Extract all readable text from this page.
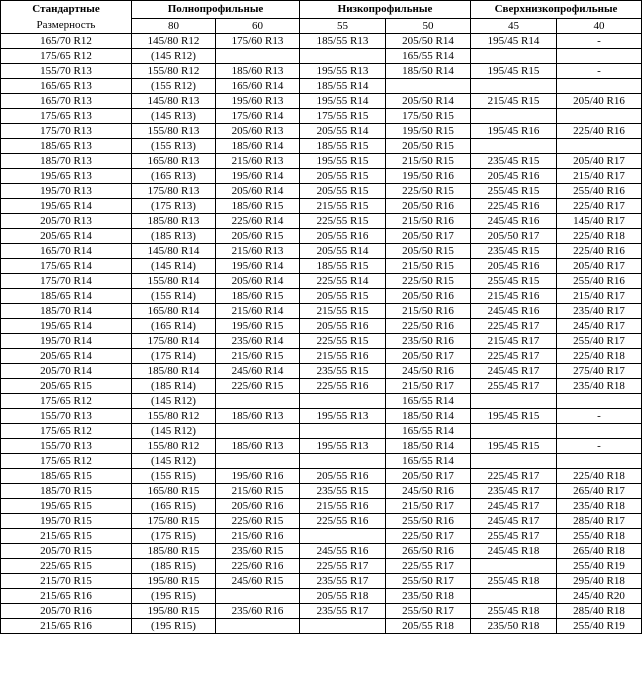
Стандартные
Размерность	Полнопрофильные		Низкопрофильные		Сверхнизкопрофильные	
	80	60	55	50	45	40
165/70 R12	145/80 R12	175/60 R13	185/55 R13	205/50 R14	195/45 R14	-
175/65 R12	(145 R12)			165/55 R14		
155/70 R13	155/80 R12	185/60 R13	195/55 R13	185/50 R14	195/45 R15	-
165/65 R13	(155 R12)	165/60 R14	185/55 R14			
165/70 R13	145/80 R13	195/60 R13	195/55 R14	205/50 R14	215/45 R15	205/40 R16
175/65 R13	(145 R13)	175/60 R14	175/55 R15	175/50 R15		
175/70 R13	155/80 R13	205/60 R13	205/55 R14	195/50 R15	195/45 R16	225/40 R16
185/65 R13	(155 R13)	185/60 R14	185/55 R15	205/50 R15		
185/70 R13	165/80 R13	215/60 R13	195/55 R15	215/50 R15	235/45 R15	205/40 R17
195/65 R13	(165 R13)	195/60 R14	205/55 R15	195/50 R16	205/45 R16	215/40 R17
195/70 R13	175/80 R13	205/60 R14	205/55 R15	225/50 R15	255/45 R15	255/40 R16
195/65 R14	(175 R13)	185/60 R15	215/55 R15	205/50 R16	225/45 R16	225/40 R17
205/70 R13	185/80 R13	225/60 R14	225/55 R15	215/50 R16	245/45 R16	145/40 R17
205/65 R14	(185 R13)	205/60 R15	205/55 R16	205/50 R17	205/50 R17	225/40 R18
165/70 R14	145/80 R14	215/60 R13	205/55 R14	205/50 R15	235/45 R15	225/40 R16
175/65 R14	(145 R14)	195/60 R14	185/55 R15	215/50 R15	205/45 R16	205/40 R17
175/70 R14	155/80 R14	205/60 R14	225/55 R14	225/50 R15	255/45 R15	255/40 R16
185/65 R14	(155 R14)	185/60 R15	205/55 R15	205/50 R16	215/45 R16	215/40 R17
185/70 R14	165/80 R14	215/60 R14	215/55 R15	215/50 R16	245/45 R16	235/40 R17
195/65 R14	(165 R14)	195/60 R15	205/55 R16	225/50 R16	225/45 R17	245/40 R17
195/70 R14	175/80 R14	235/60 R14	225/55 R15	235/50 R16	215/45 R17	255/40 R17
205/65 R14	(175 R14)	215/60 R15	215/55 R16	205/50 R17	225/45 R17	225/40 R18
205/70 R14	185/80 R14	245/60 R14	235/55 R15	245/50 R16	245/45 R17	275/40 R17
205/65 R15	(185 R14)	225/60 R15	225/55 R16	215/50 R17	255/45 R17	235/40 R18
175/65 R12	(145 R12)			165/55 R14		
155/70 R13	155/80 R12	185/60 R13	195/55 R13	185/50 R14	195/45 R15	-
175/65 R12	(145 R12)			165/55 R14		
155/70 R13	155/80 R12	185/60 R13	195/55 R13	185/50 R14	195/45 R15	-
175/65 R12	(145 R12)			165/55 R14		
185/65 R15	(155 R15)	195/60 R16	205/55 R16	205/50 R17	225/45 R17	225/40 R18
185/70 R15	165/80 R15	215/60 R15	235/55 R15	245/50 R16	235/45 R17	265/40 R17
195/65 R15	(165 R15)	205/60 R16	215/55 R16	215/50 R17	245/45 R17	235/40 R18
195/70 R15	175/80 R15	225/60 R15	225/55 R16	255/50 R16	245/45 R17	285/40 R17
215/65 R15	(175 R15)	215/60 R16		225/50 R17	255/45 R17	255/40 R18
205/70 R15	185/80 R15	235/60 R15	245/55 R16	265/50 R16	245/45 R18	265/40 R18
225/65 R15	(185 R15)	225/60 R16	225/55 R17	225/55 R17		255/40 R19
215/70 R15	195/80 R15	245/60 R15	235/55 R17	255/50 R17	255/45 R18	295/40 R18
215/65 R16	(195 R15)		205/55 R18	235/50 R18		245/40 R20
205/70 R16	195/80 R15	235/60 R16	235/55 R17	255/50 R17	255/45 R18	285/40 R18
215/65 R16	(195 R15)			205/55 R18	235/50 R18	255/40 R19
